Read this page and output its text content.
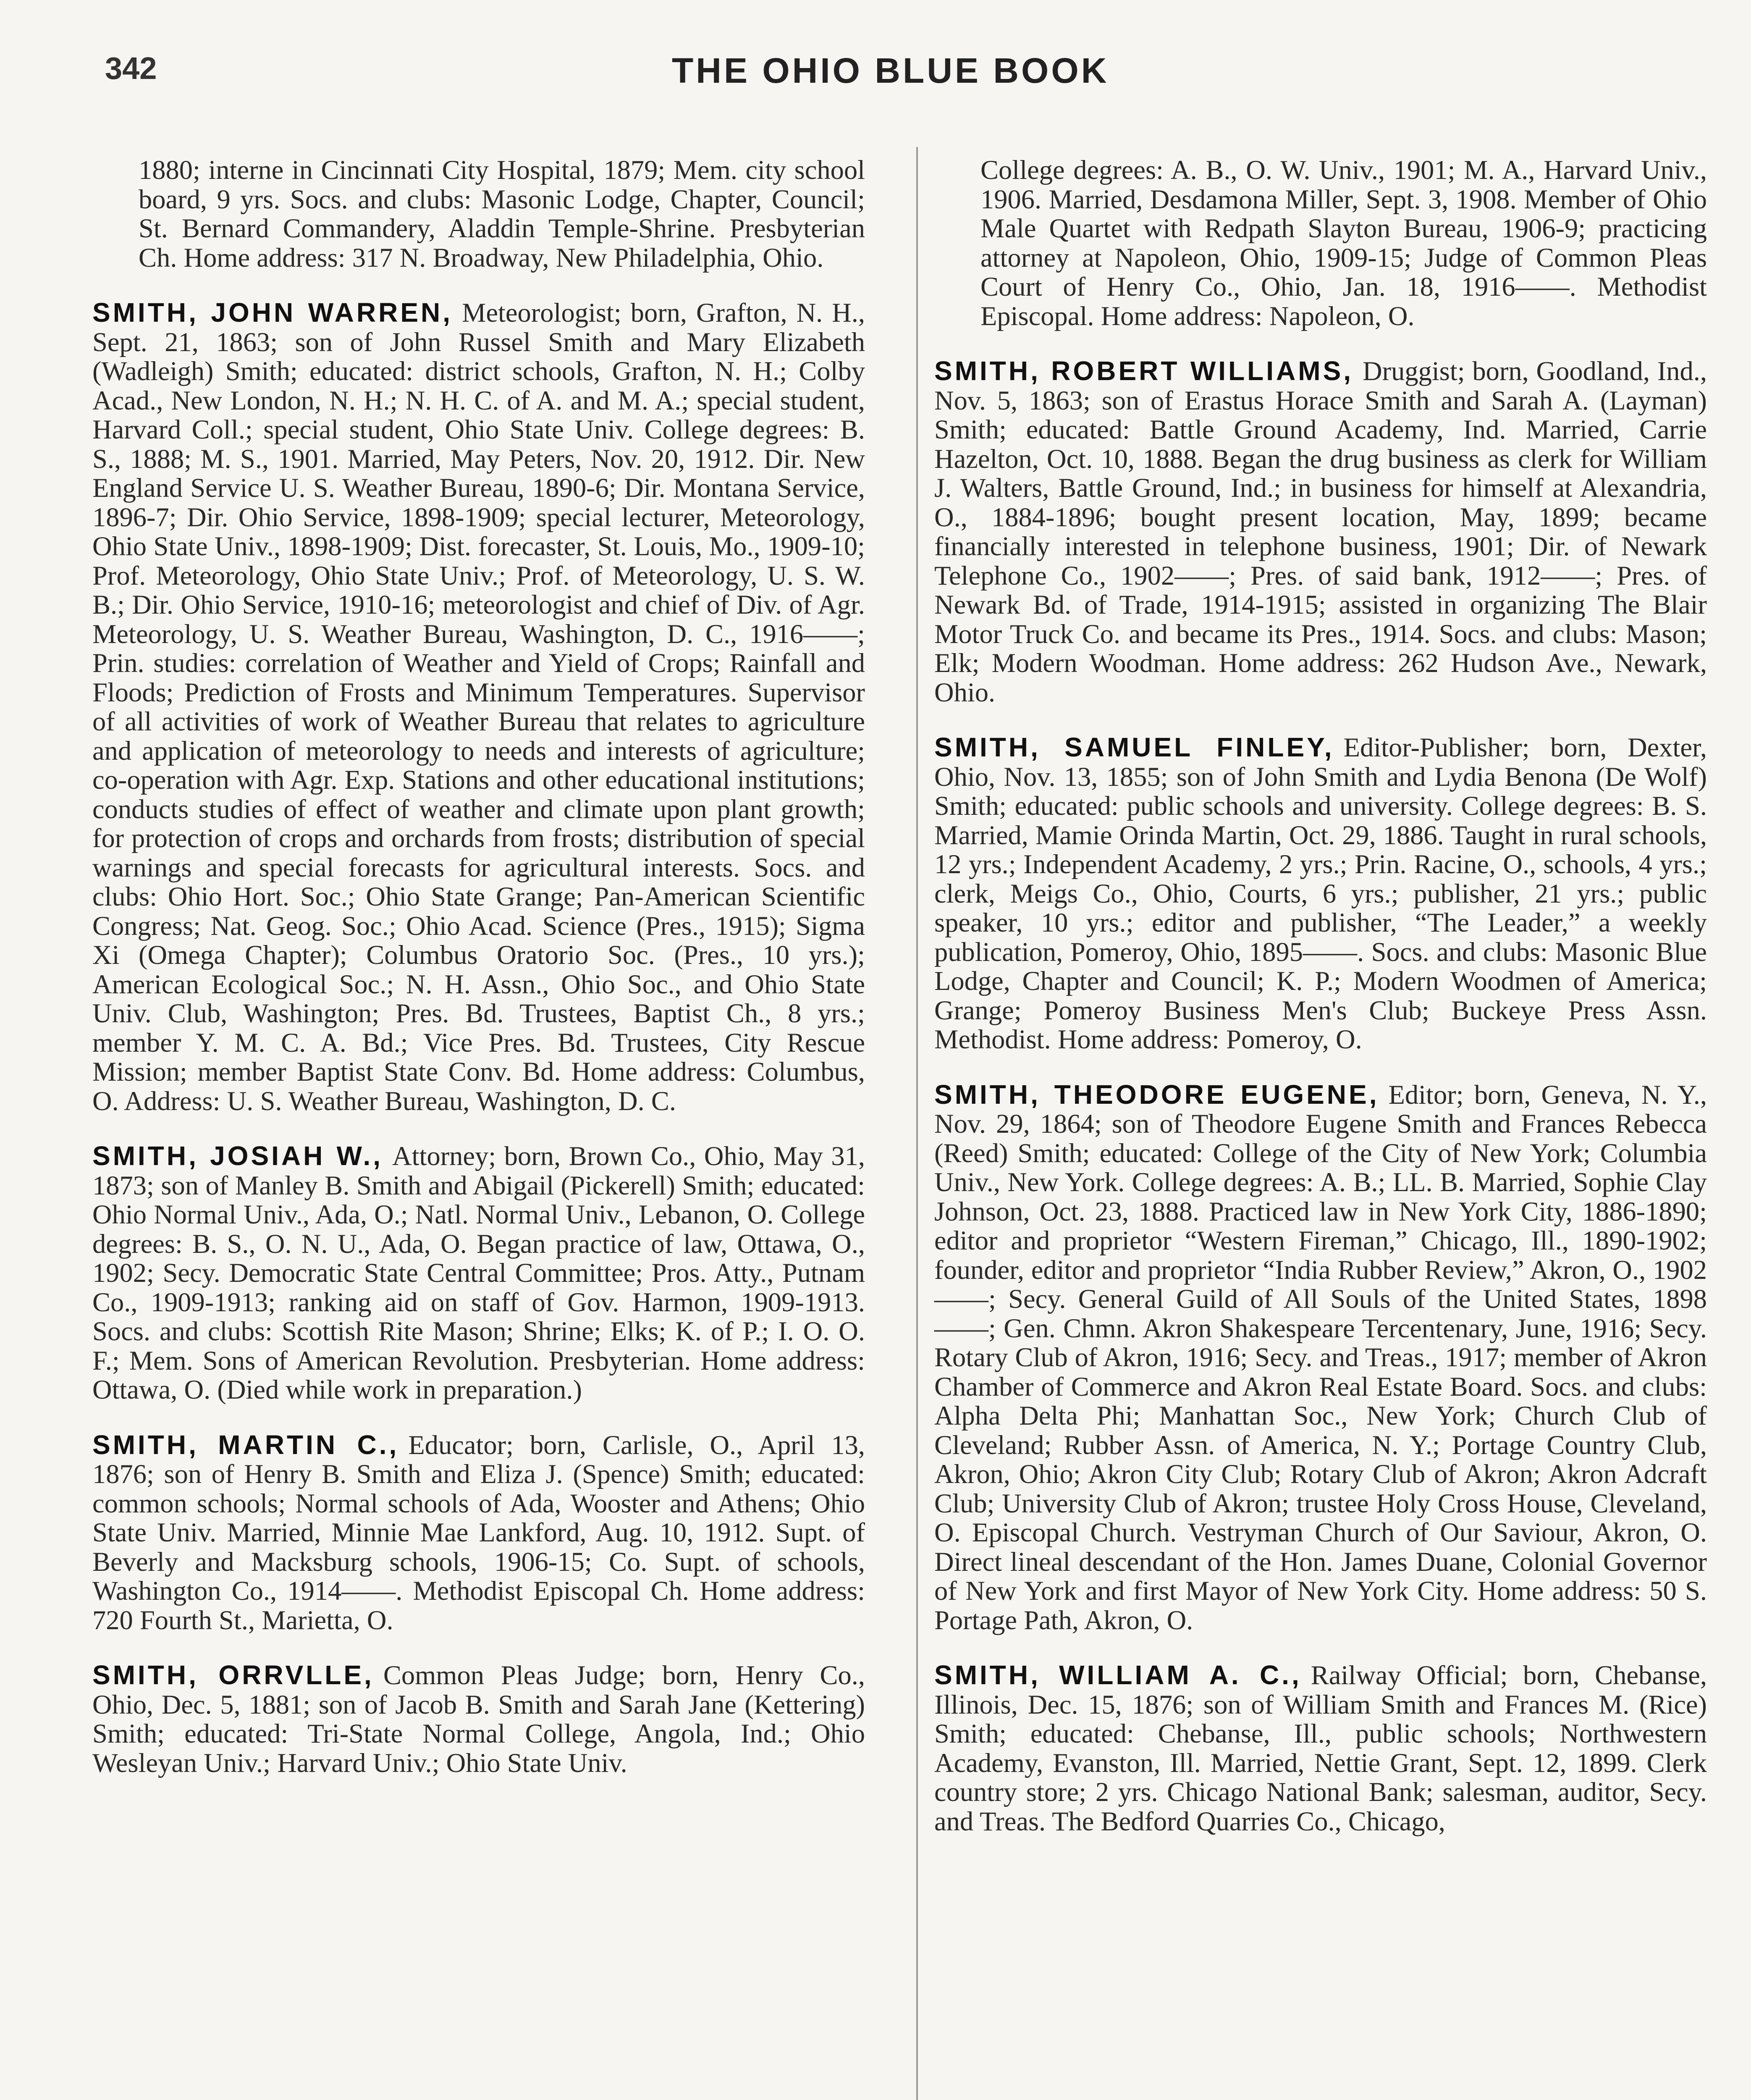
342	THE OHIO BLUE BOOK

1880; interne in Cincinnati City Hospital, 1879; Mem. city school board, 9 yrs. Socs. and clubs: Masonic Lodge, Chapter, Council; St. Bernard Commandery, Aladdin Temple-Shrine. Presbyterian Ch. Home address: 317 N. Broadway, New Philadelphia, Ohio.

SMITH, JOHN WARREN, Meteorologist; born, Grafton, N. H., Sept. 21, 1863; son of John Russel Smith and Mary Elizabeth (Wadleigh) Smith; educated: district schools, Grafton, N. H.; Colby Acad., New London, N. H.; N. H. C. of A. and M. A.; special student, Harvard Coll.; special student, Ohio State Univ. College degrees: B. S., 1888; M. S., 1901. Married, May Peters, Nov. 20, 1912. Dir. New England Service U. S. Weather Bureau, 1890-6; Dir. Montana Service, 1896-7; Dir. Ohio Service, 1898-1909; special lecturer, Meteorology, Ohio State Univ., 1898-1909; Dist. forecaster, St. Louis, Mo., 1909-10; Prof. Meteorology, Ohio State Univ.; Prof. of Meteorology, U. S. W. B.; Dir. Ohio Service, 1910-16; meteorologist and chief of Div. of Agr. Meteorology, U. S. Weather Bureau, Washington, D. C., 1916——; Prin. studies: correlation of Weather and Yield of Crops; Rainfall and Floods; Prediction of Frosts and Minimum Temperatures. Supervisor of all activities of work of Weather Bureau that relates to agriculture and application of meteorology to needs and interests of agriculture; co-operation with Agr. Exp. Stations and other educational institutions; conducts studies of effect of weather and climate upon plant growth; for protection of crops and orchards from frosts; distribution of special warnings and special forecasts for agricultural interests. Socs. and clubs: Ohio Hort. Soc.; Ohio State Grange; Pan-American Scientific Congress; Nat. Geog. Soc.; Ohio Acad. Science (Pres., 1915); Sigma Xi (Omega Chapter); Columbus Oratorio Soc. (Pres., 10 yrs.); American Ecological Soc.; N. H. Assn., Ohio Soc., and Ohio State Univ. Club, Washington; Pres. Bd. Trustees, Baptist Ch., 8 yrs.; member Y. M. C. A. Bd.; Vice Pres. Bd. Trustees, City Rescue Mission; member Baptist State Conv. Bd. Home address: Columbus, O. Address: U. S. Weather Bureau, Washington, D. C.

SMITH, JOSIAH W., Attorney; born, Brown Co., Ohio, May 31, 1873; son of Manley B. Smith and Abigail (Pickerell) Smith; educated: Ohio Normal Univ., Ada, O.; Natl. Normal Univ., Lebanon, O. College degrees: B. S., O. N. U., Ada, O. Began practice of law, Ottawa, O., 1902; Secy. Democratic State Central Committee; Pros. Atty., Putnam Co., 1909-1913; ranking aid on staff of Gov. Harmon, 1909-1913. Socs. and clubs: Scottish Rite Mason; Shrine; Elks; K. of P.; I. O. O. F.; Mem. Sons of American Revolution. Presbyterian. Home address: Ottawa, O. (Died while work in preparation.)

SMITH, MARTIN C., Educator; born, Carlisle, O., April 13, 1876; son of Henry B. Smith and Eliza J. (Spence) Smith; educated: common schools; Normal schools of Ada, Wooster and Athens; Ohio State Univ. Married, Minnie Mae Lankford, Aug. 10, 1912. Supt. of Beverly and Macksburg schools, 1906-15; Co. Supt. of schools, Washington Co., 1914——. Methodist Episcopal Ch. Home address: 720 Fourth St., Marietta, O.

SMITH, ORRVLLE, Common Pleas Judge; born, Henry Co., Ohio, Dec. 5, 1881; son of Jacob B. Smith and Sarah Jane (Kettering) Smith; educated: Tri-State Normal College, Angola, Ind.; Ohio Wesleyan Univ.; Harvard Univ.; Ohio State Univ.

College degrees: A. B., O. W. Univ., 1901; M. A., Harvard Univ., 1906. Married, Desdamona Miller, Sept. 3, 1908. Member of Ohio Male Quartet with Redpath Slayton Bureau, 1906-9; practicing attorney at Napoleon, Ohio, 1909-15; Judge of Common Pleas Court of Henry Co., Ohio, Jan. 18, 1916——. Methodist Episcopal. Home address: Napoleon, O.

SMITH, ROBERT WILLIAMS, Druggist; born, Goodland, Ind., Nov. 5, 1863; son of Erastus Horace Smith and Sarah A. (Layman) Smith; educated: Battle Ground Academy, Ind. Married, Carrie Hazelton, Oct. 10, 1888. Began the drug business as clerk for William J. Walters, Battle Ground, Ind.; in business for himself at Alexandria, O., 1884-1896; bought present location, May, 1899; became financially interested in telephone business, 1901; Dir. of Newark Telephone Co., 1902——; Pres. of said bank, 1912——; Pres. of Newark Bd. of Trade, 1914-1915; assisted in organizing The Blair Motor Truck Co. and became its Pres., 1914. Socs. and clubs: Mason; Elk; Modern Woodman. Home address: 262 Hudson Ave., Newark, Ohio.

SMITH, SAMUEL FINLEY, Editor-Publisher; born, Dexter, Ohio, Nov. 13, 1855; son of John Smith and Lydia Benona (De Wolf) Smith; educated: public schools and university. College degrees: B. S. Married, Mamie Orinda Martin, Oct. 29, 1886. Taught in rural schools, 12 yrs.; Independent Academy, 2 yrs.; Prin. Racine, O., schools, 4 yrs.; clerk, Meigs Co., Ohio, Courts, 6 yrs.; publisher, 21 yrs.; public speaker, 10 yrs.; editor and publisher, “The Leader,” a weekly publication, Pomeroy, Ohio, 1895——. Socs. and clubs: Masonic Blue Lodge, Chapter and Council; K. P.; Modern Woodmen of America; Grange; Pomeroy Business Men's Club; Buckeye Press Assn. Methodist. Home address: Pomeroy, O.

SMITH, THEODORE EUGENE, Editor; born, Geneva, N. Y., Nov. 29, 1864; son of Theodore Eugene Smith and Frances Rebecca (Reed) Smith; educated: College of the City of New York; Columbia Univ., New York. College degrees: A. B.; LL. B. Married, Sophie Clay Johnson, Oct. 23, 1888. Practiced law in New York City, 1886-1890; editor and proprietor “Western Fireman,” Chicago, Ill., 1890-1902; founder, editor and proprietor “India Rubber Review,” Akron, O., 1902——; Secy. General Guild of All Souls of the United States, 1898——; Gen. Chmn. Akron Shakespeare Tercentenary, June, 1916; Secy. Rotary Club of Akron, 1916; Secy. and Treas., 1917; member of Akron Chamber of Commerce and Akron Real Estate Board. Socs. and clubs: Alpha Delta Phi; Manhattan Soc., New York; Church Club of Cleveland; Rubber Assn. of America, N. Y.; Portage Country Club, Akron, Ohio; Akron City Club; Rotary Club of Akron; Akron Adcraft Club; University Club of Akron; trustee Holy Cross House, Cleveland, O. Episcopal Church. Vestryman Church of Our Saviour, Akron, O. Direct lineal descendant of the Hon. James Duane, Colonial Governor of New York and first Mayor of New York City. Home address: 50 S. Portage Path, Akron, O.

SMITH, WILLIAM A. C., Railway Official; born, Chebanse, Illinois, Dec. 15, 1876; son of William Smith and Frances M. (Rice) Smith; educated: Chebanse, Ill., public schools; Northwestern Academy, Evanston, Ill. Married, Nettie Grant, Sept. 12, 1899. Clerk country store; 2 yrs. Chicago National Bank; salesman, auditor, Secy. and Treas. The Bedford Quarries Co., Chicago,
